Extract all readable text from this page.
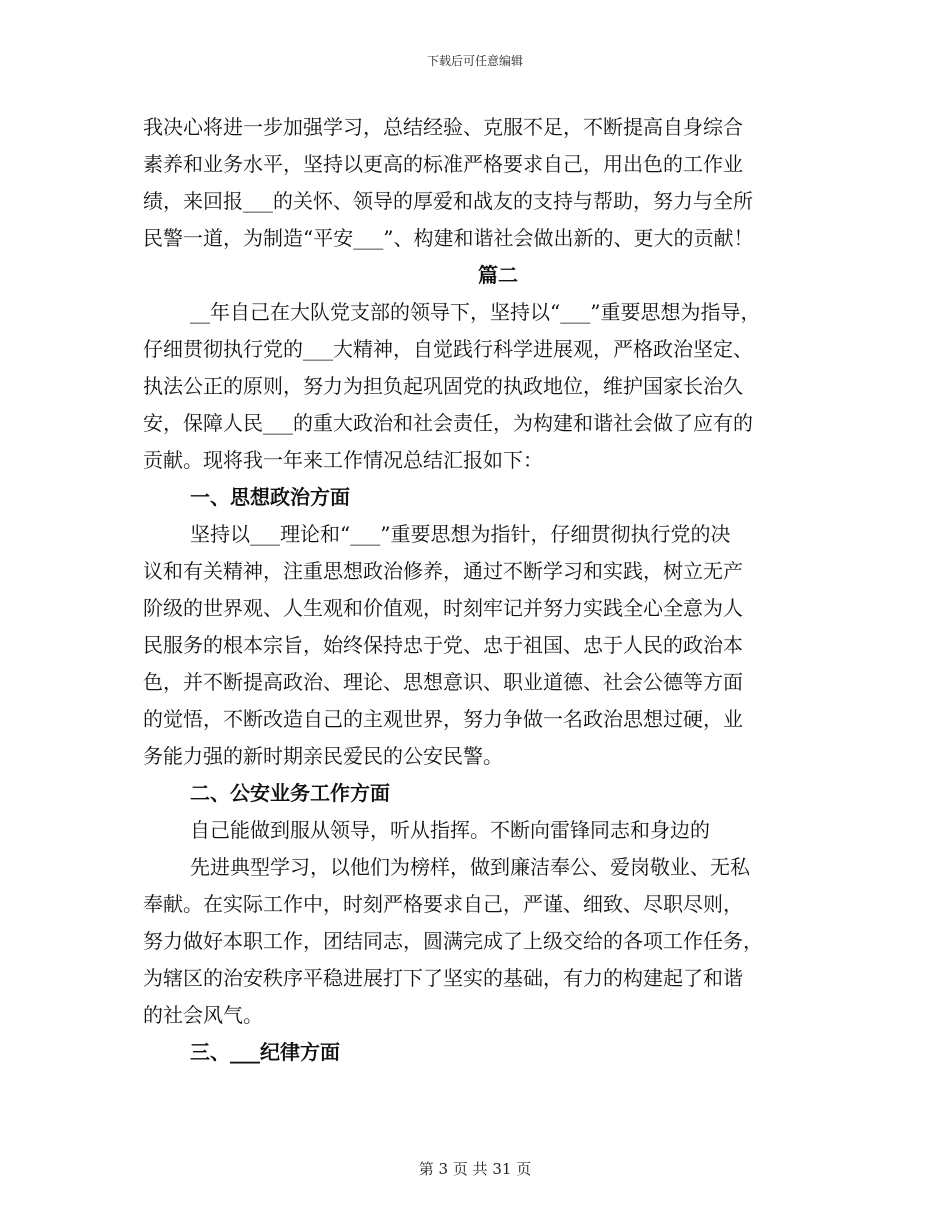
下载后可任意编辑
我决心将进一步加强学习，总结经验、克服不足，不断提高自身综合
素养和业务水平，坚持以更高的标准严格要求自己，用出色的工作业
绩，来回报___的关怀、领导的厚爱和战友的支持与帮助，努力与全所
民警一道，为制造“平安___”、构建和谐社会做出新的、更大的贡献！
篇二
__年自己在大队党支部的领导下，坚持以“___”重要思想为指导，
仔细贯彻执行党的___大精神，自觉践行科学进展观，严格政治坚定、
执法公正的原则，努力为担负起巩固党的执政地位，维护国家长治久
安，保障人民___的重大政治和社会责任，为构建和谐社会做了应有的
贡献。现将我一年来工作情况总结汇报如下：
一、思想政治方面
坚持以___理论和“___”重要思想为指针，仔细贯彻执行党的决
议和有关精神，注重思想政治修养，通过不断学习和实践，树立无产
阶级的世界观、人生观和价值观，时刻牢记并努力实践全心全意为人
民服务的根本宗旨，始终保持忠于党、忠于祖国、忠于人民的政治本
色，并不断提高政治、理论、思想意识、职业道德、社会公德等方面
的觉悟，不断改造自己的主观世界，努力争做一名政治思想过硬，业
务能力强的新时期亲民爱民的公安民警。
二、公安业务工作方面
自己能做到服从领导，听从指挥。不断向雷锋同志和身边的
先进典型学习，以他们为榜样，做到廉洁奉公、爱岗敬业、无私
奉献。在实际工作中，时刻严格要求自己，严谨、细致、尽职尽则，
努力做好本职工作，团结同志，圆满完成了上级交给的各项工作任务，
为辖区的治安秩序平稳进展打下了坚实的基础，有力的构建起了和谐
的社会风气。
三、___纪律方面
第 3 页 共 31 页
